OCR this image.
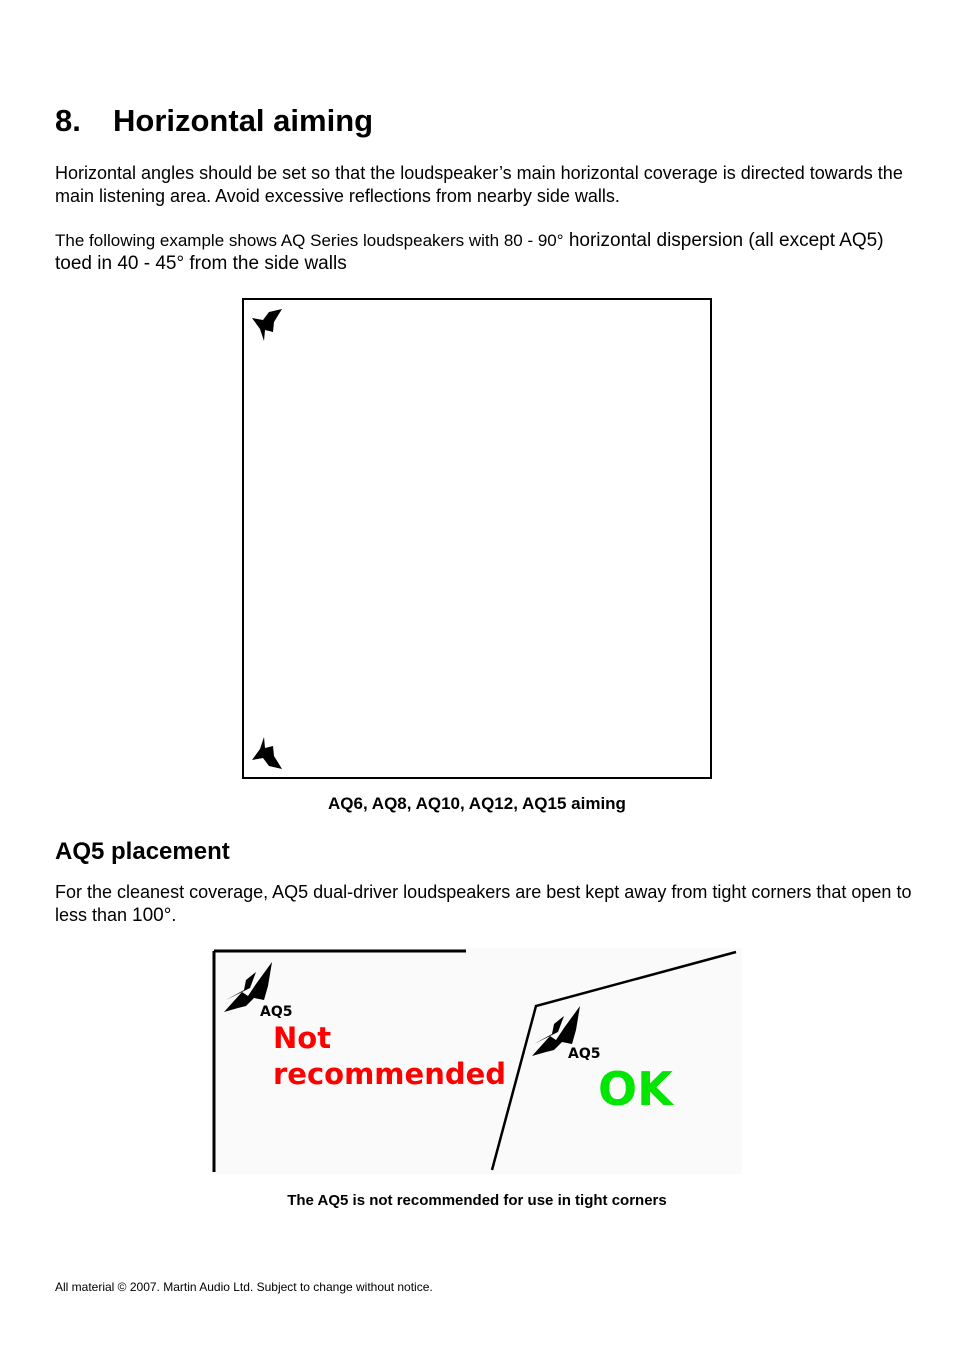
8. Horizontal aiming
Horizontal angles should be set so that the loudspeaker’s main horizontal coverage is directed towards the main listening area. Avoid excessive reflections from nearby side walls.
The following example shows AQ Series loudspeakers with 80 - 90° horizontal dispersion (all except AQ5) toed in 40 - 45° from the side walls
AQ6, AQ8, AQ10, AQ12, AQ15 aiming
AQ5 placement
For the cleanest coverage, AQ5 dual-driver loudspeakers are best kept away from tight corners that open to less than 100°.
AQ5
Not
recommended
AQ5
OK
The AQ5 is not recommended for use in tight corners
All material © 2007. Martin Audio Ltd. Subject to change without notice.
